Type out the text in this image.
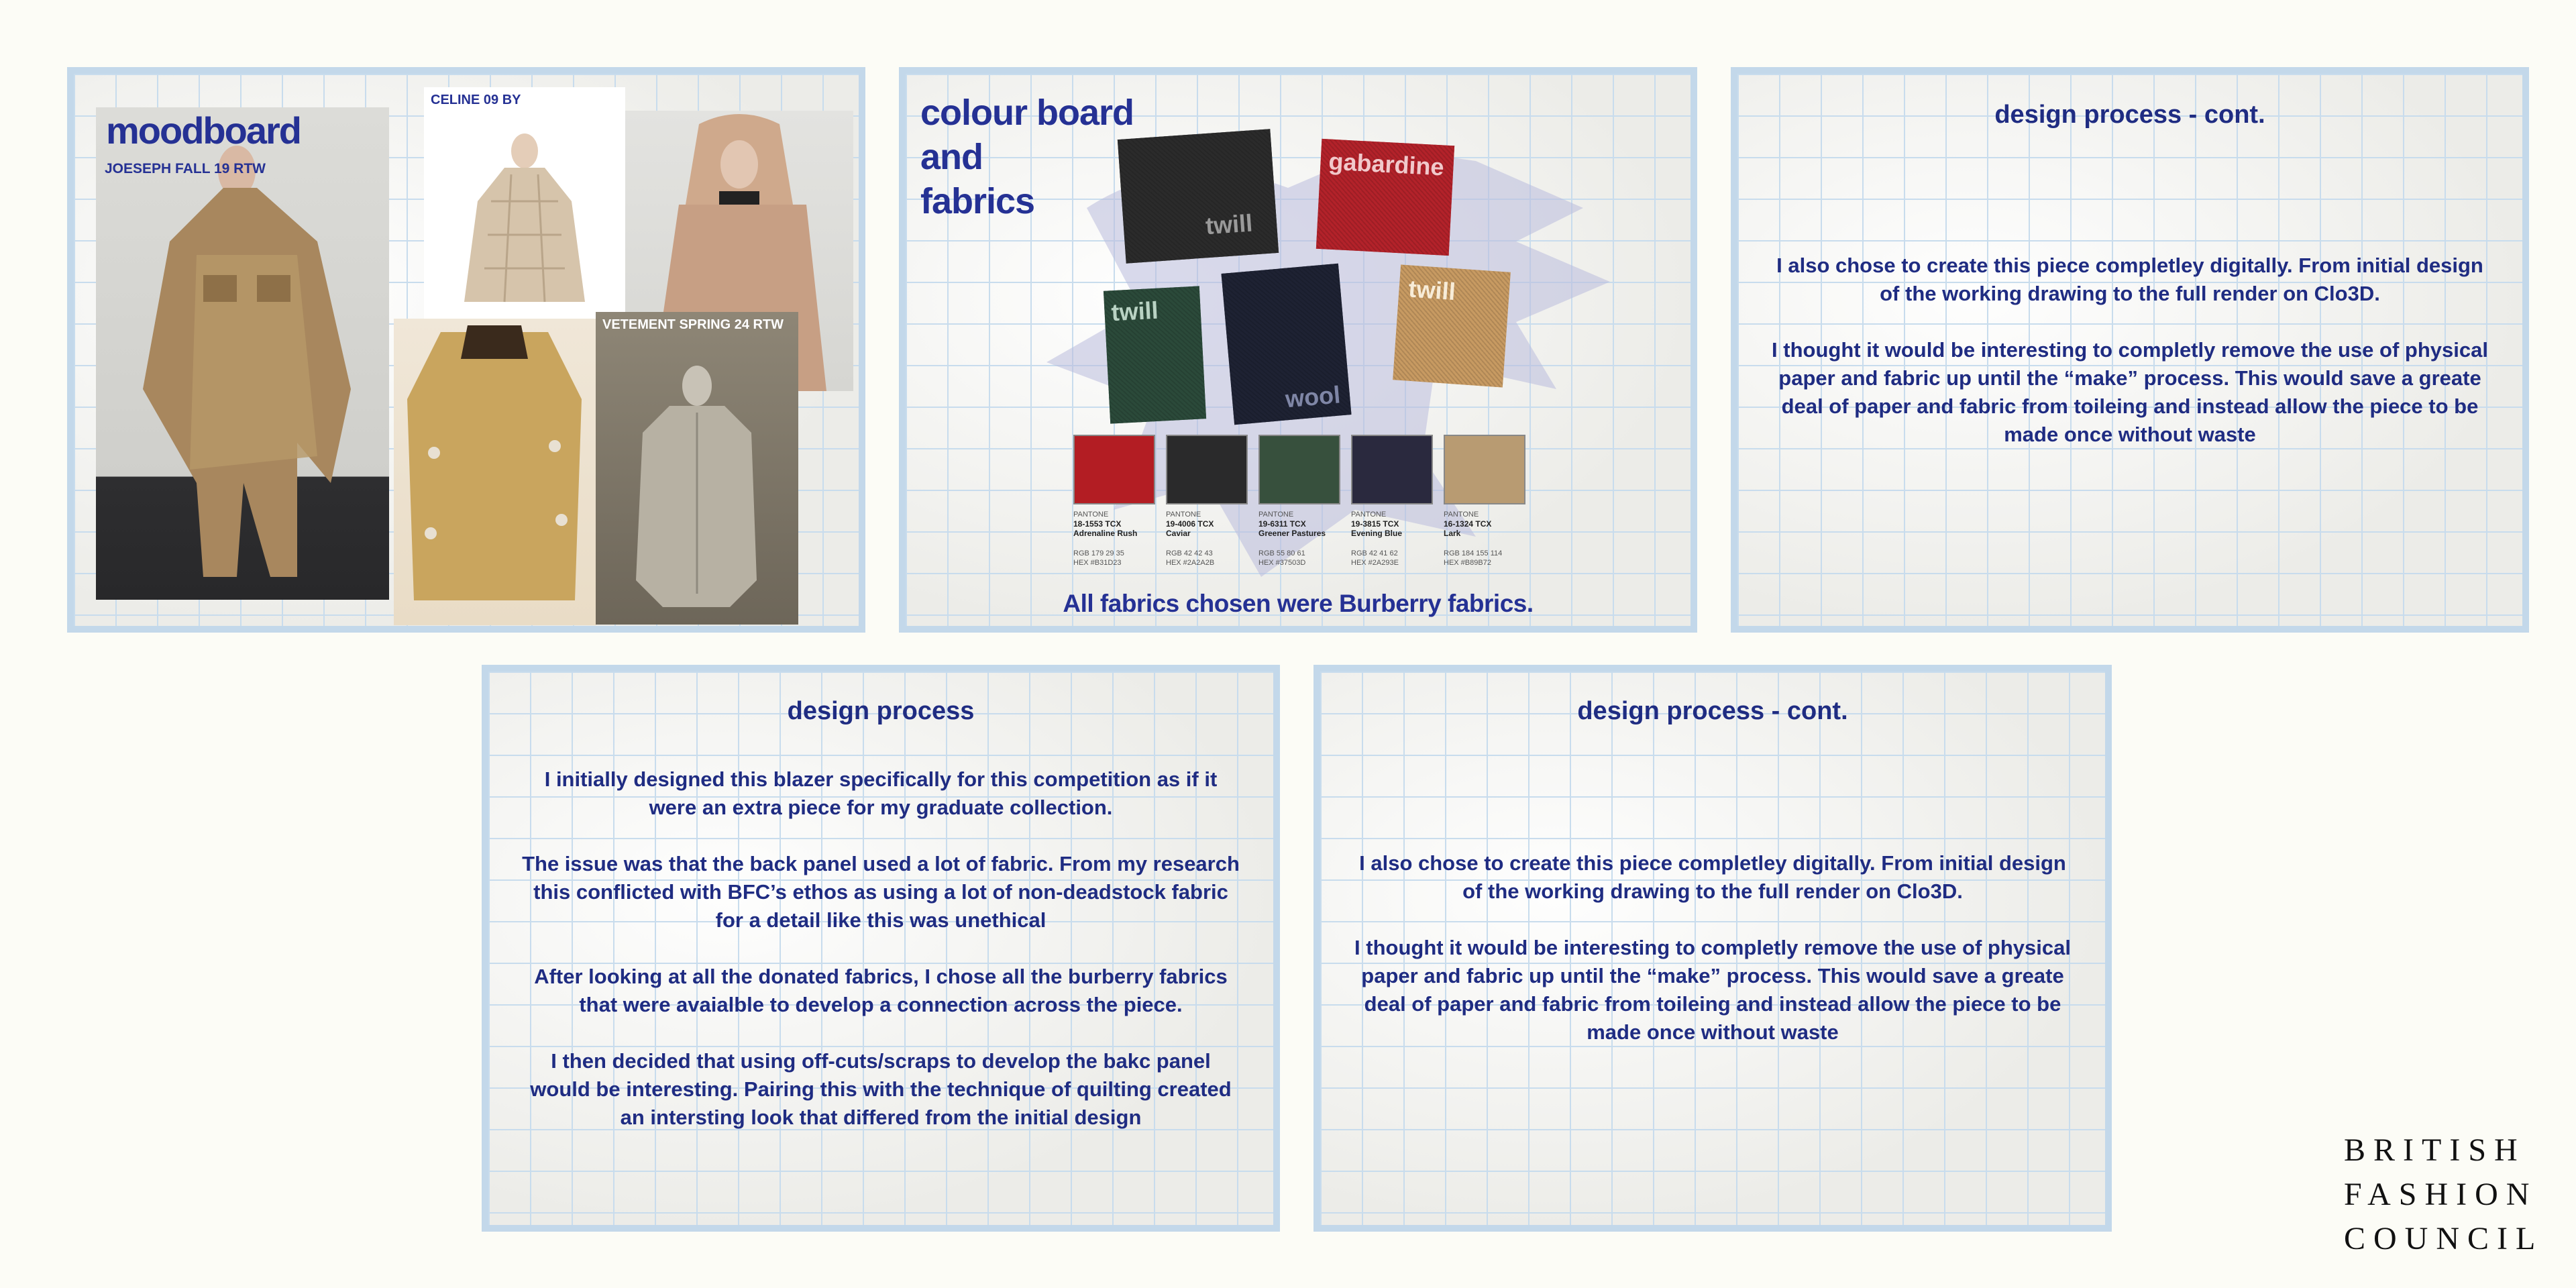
moodboard
JOESEPH FALL 19 RTW
CELINE 09 BY
VETEMENT SPRING 24 RTW
colour board
and
fabrics
twill
gabardine
twill
wool
twill
PANTONE
18-1553 TCX
Adrenaline Rush
RGB 179 29 35
HEX #B31D23
PANTONE
19-4006 TCX
Caviar
RGB 42 42 43
HEX #2A2A2B
PANTONE
19-6311 TCX
Greener Pastures
RGB 55 80 61
HEX #37503D
PANTONE
19-3815 TCX
Evening Blue
RGB 42 41 62
HEX #2A293E
PANTONE
16-1324 TCX
Lark
RGB 184 155 114
HEX #B89B72
All fabrics chosen were Burberry fabrics.
design process - cont.

I also chose to create this piece completley digitally. From initial design of the working drawing to the full render on Clo3D.

I thought it would be interesting to completly remove the use of physical paper and fabric up until the “make” process. This would save a greate deal of paper and fabric from toileing and instead allow the piece to be made once without waste

design process

I initially designed this blazer specifically for this competition as if it were an extra piece for my graduate collection.

The issue was that the back panel used a lot of fabric. From my research this conflicted with BFC’s ethos as using a lot of non-deadstock fabric for a detail like this was unethical

After looking at all the donated fabrics, I chose all the burberry fabrics that were avaialble to develop a connection across the piece.

I then decided that using off-cuts/scraps to develop the bakc panel would be interesting. Pairing this with the technique of quilting created an intersting look that differed from the initial design

design process - cont.

I also chose to create this piece completley digitally. From initial design of the working drawing to the full render on Clo3D.

I thought it would be interesting to completly remove the use of physical paper and fabric up until the “make” process. This would save a greate deal of paper and fabric from toileing and instead allow the piece to be made once without waste

BRITISH
FASHION
COUNCIL
